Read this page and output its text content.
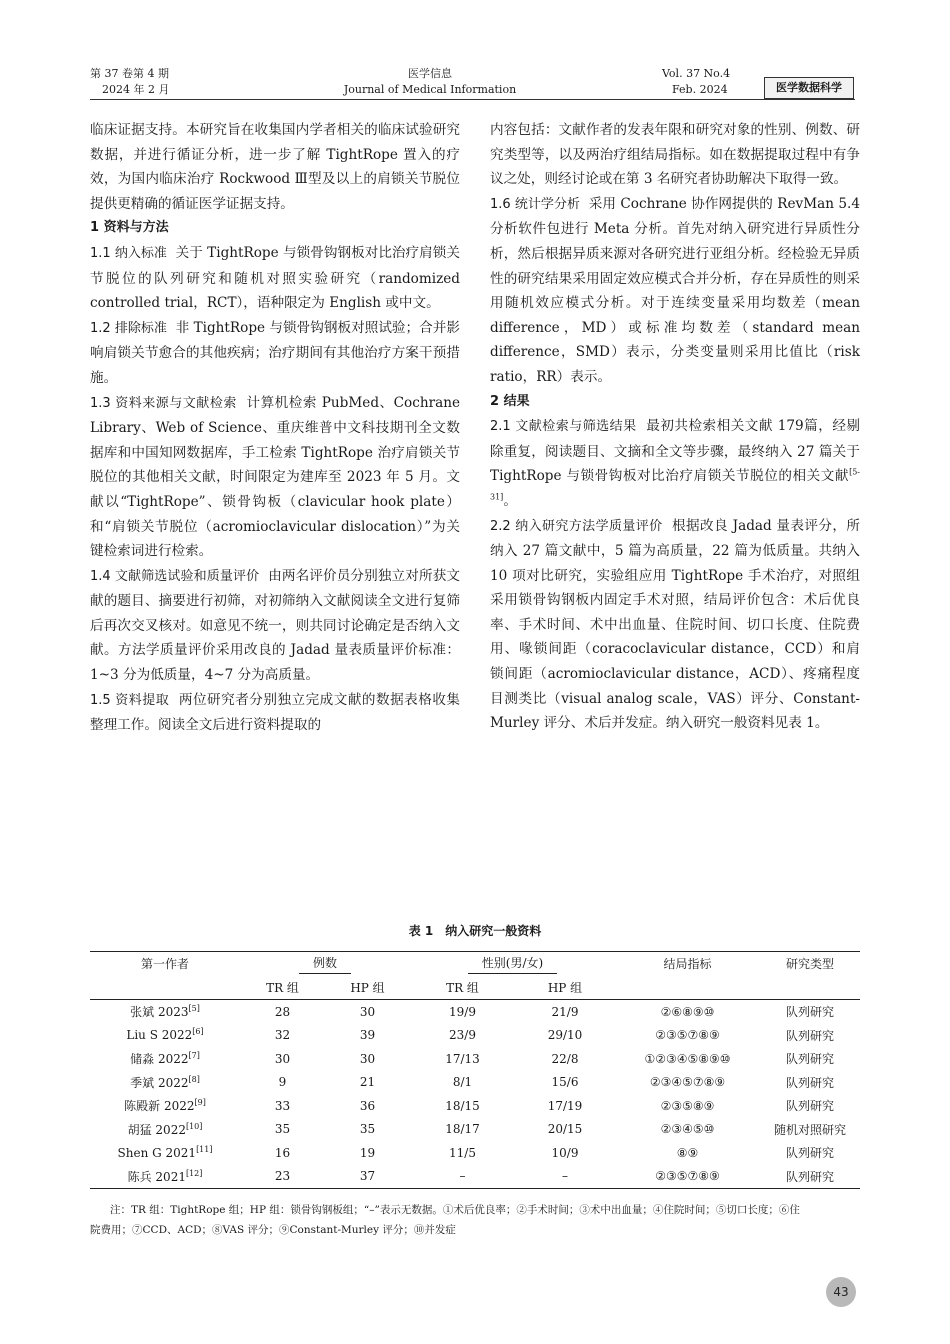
第 37 卷第 4 期
2024 年 2 月
医学信息
Journal of Medical Information
Vol. 37 No.4
Feb. 2024	医学数据科学

临床证据支持。本研究旨在收集国内学者相关的临床试验研究数据，并进行循证分析，进一步了解 TightRope 置入的疗效，为国内临床治疗 Rockwood Ⅲ型及以上的肩锁关节脱位提供更精确的循证医学证据支持。

1 资料与方法

1.1 纳入标准 关于 TightRope 与锁骨钩钢板对比治疗肩锁关节脱位的队列研究和随机对照实验研究（randomized controlled trial，RCT），语种限定为 English 或中文。

1.2 排除标准 非 TightRope 与锁骨钩钢板对照试验；合并影响肩锁关节愈合的其他疾病；治疗期间有其他治疗方案干预措施。

1.3 资料来源与文献检索 计算机检索 PubMed、Cochrane Library、Web of Science、重庆维普中文科技期刊全文数据库和中国知网数据库，手工检索 TightRope 治疗肩锁关节脱位的其他相关文献，时间限定为建库至 2023 年 5 月。文献以“TightRope”、锁骨钩板（clavicular hook plate）和“肩锁关节脱位（acromioclavicular dislocation）”为关键检索词进行检索。

1.4 文献筛选试验和质量评价 由两名评价员分别独立对所获文献的题目、摘要进行初筛，对初筛纳入文献阅读全文进行复筛后再次交叉核对。如意见不统一，则共同讨论确定是否纳入文献。方法学质量评价采用改良的 Jadad 量表质量评价标准：1~3 分为低质量，4~7 分为高质量。

1.5 资料提取 两位研究者分别独立完成文献的数据表格收集整理工作。阅读全文后进行资料提取的

内容包括：文献作者的发表年限和研究对象的性别、例数、研究类型等，以及两治疗组结局指标。如在数据提取过程中有争议之处，则经讨论或在第 3 名研究者协助解决下取得一致。

1.6 统计学分析 采用 Cochrane 协作网提供的 RevMan 5.4 分析软件包进行 Meta 分析。首先对纳入研究进行异质性分析，然后根据异质来源对各研究进行亚组分析。经检验无异质性的研究结果采用固定效应模式合并分析，存在异质性的则采用随机效应模式分析。对于连续变量采用均数差（mean difference，MD）或标准均数差（standard mean difference，SMD）表示，分类变量则采用比值比（risk ratio，RR）表示。

2 结果

2.1 文献检索与筛选结果 最初共检索相关文献 179篇，经剔除重复，阅读题目、文摘和全文等步骤，最终纳入 27 篇关于 TightRope 与锁骨钩板对比治疗肩锁关节脱位的相关文献[5-31]。

2.2 纳入研究方法学质量评价 根据改良 Jadad 量表评分，所纳入 27 篇文献中，5 篇为高质量，22 篇为低质量。共纳入 10 项对比研究，实验组应用 TightRope 手术治疗，对照组采用锁骨钩钢板内固定手术对照，结局评价包含：术后优良率、手术时间、术中出血量、住院时间、切口长度、住院费用、喙锁间距（coracoclavicular distance，CCD）和肩锁间距（acromioclavicular distance，ACD）、疼痛程度目测类比（visual analog scale，VAS）评分、Constant-Murley 评分、术后并发症。纳入研究一般资料见表 1。

表 1　纳入研究一般资料
第一作者	例数		性别(男/女)		结局指标	研究类型
	TR 组	HP 组	TR 组	HP 组		
张斌 2023[5]	28	30	19/9	21/9	②⑥⑧⑨⑩	队列研究
Liu S 2022[6]	32	39	23/9	29/10	②③⑤⑦⑧⑨	队列研究
储淼 2022[7]	30	30	17/13	22/8	①②③④⑤⑧⑨⑩	队列研究
季斌 2022[8]	9	21	8/1	15/6	②③④⑤⑦⑧⑨	队列研究
陈殿新 2022[9]	33	36	18/15	17/19	②③⑤⑧⑨	队列研究
胡猛 2022[10]	35	35	18/17	20/15	②③④⑤⑩	随机对照研究
Shen G 2021[11]	16	19	11/5	10/9	⑧⑨	队列研究
陈兵 2021[12]	23	37	–	–	②③⑤⑦⑧⑨	队列研究
注：TR 组：TightRope 组；HP 组：锁骨钩钢板组；“–”表示无数据。①术后优良率；②手术时间；③术中出血量；④住院时间；⑤切口长度；⑥住
院费用；⑦CCD、ACD；⑧VAS 评分；⑨Constant-Murley 评分；⑩并发症
43
